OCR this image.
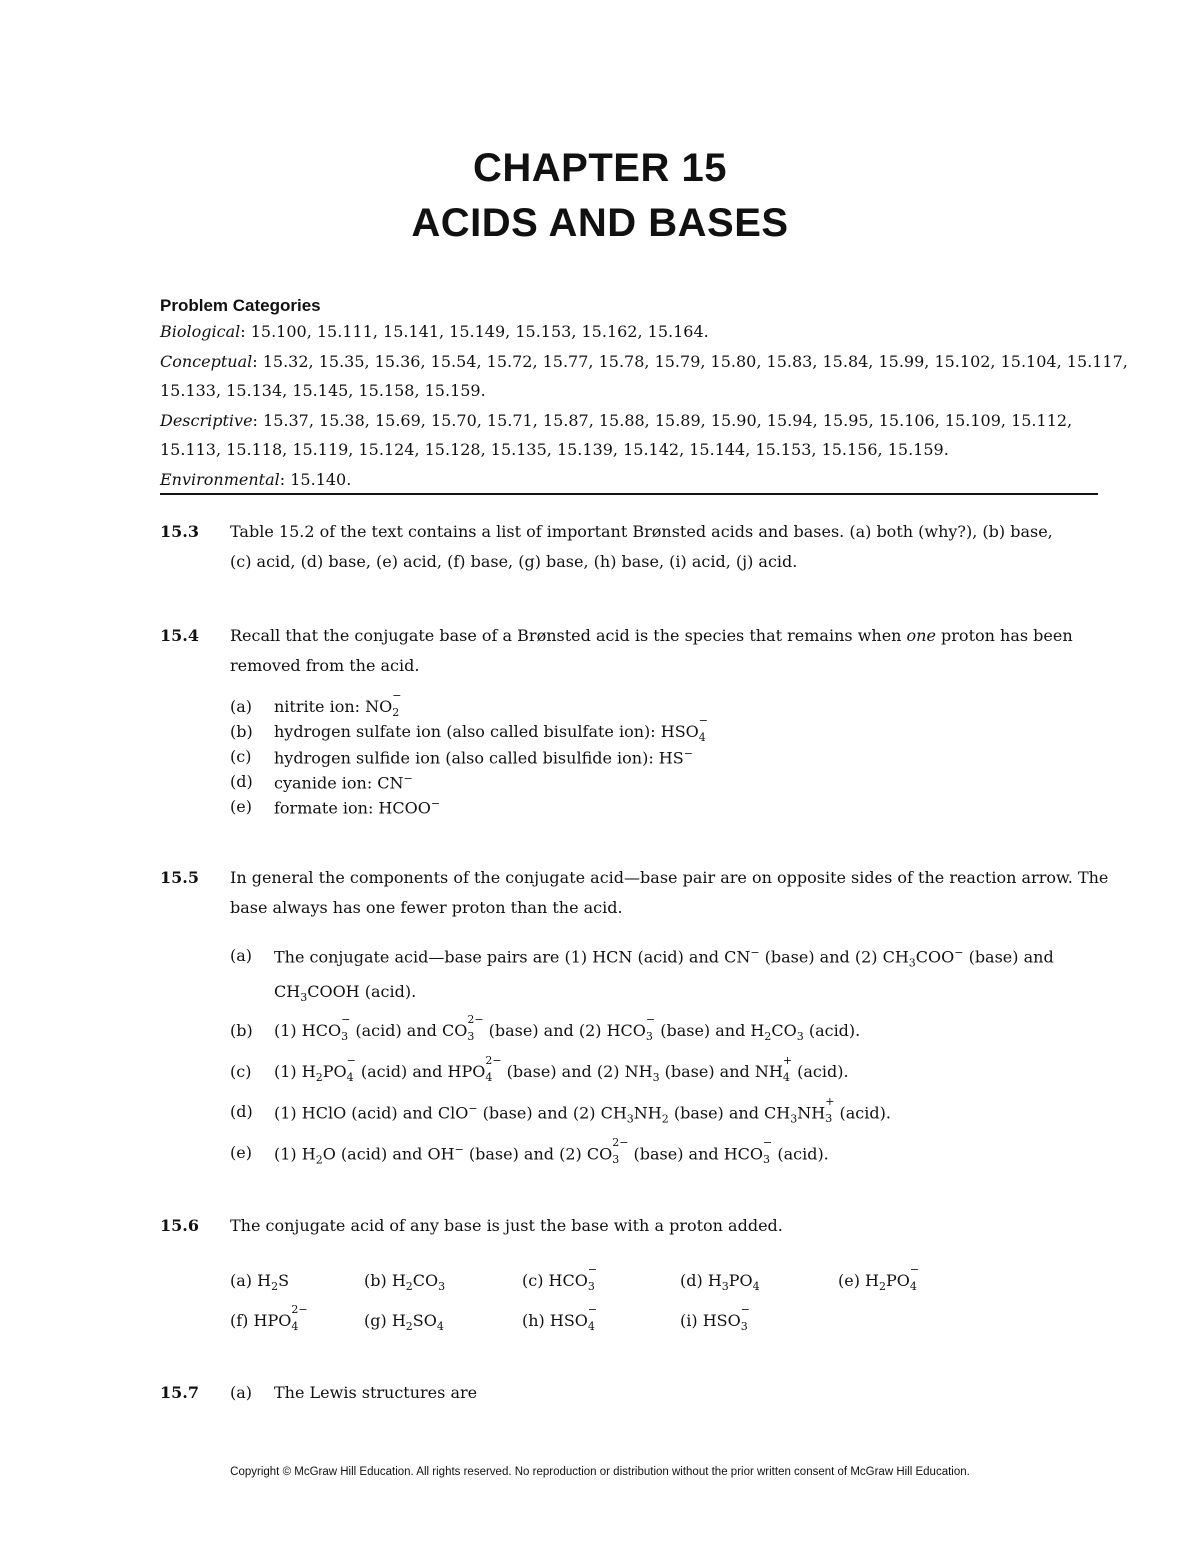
CHAPTER 15
ACIDS AND BASES
Problem Categories
Biological: 15.100, 15.111, 15.141, 15.149, 15.153, 15.162, 15.164.
Conceptual: 15.32, 15.35, 15.36, 15.54, 15.72, 15.77, 15.78, 15.79, 15.80, 15.83, 15.84, 15.99, 15.102, 15.104, 15.117,
15.133, 15.134, 15.145, 15.158, 15.159.
Descriptive: 15.37, 15.38, 15.69, 15.70, 15.71, 15.87, 15.88, 15.89, 15.90, 15.94, 15.95, 15.106, 15.109, 15.112,
15.113, 15.118, 15.119, 15.124, 15.128, 15.135, 15.139, 15.142, 15.144, 15.153, 15.156, 15.159.
Environmental: 15.140.
15.3 Table 15.2 of the text contains a list of important Brønsted acids and bases. (a) both (why?), (b) base,
(c) acid, (d) base, (e) acid, (f) base, (g) base, (h) base, (i) acid, (j) acid.
15.4 Recall that the conjugate base of a Brønsted acid is the species that remains when one proton has been
removed from the acid.
(a) nitrite ion: NO
−
2
(b) hydrogen sulfate ion (also called bisulfate ion): HSO
−
4
(c) hydrogen sulfide ion (also called bisulfide ion): HS−
(d) cyanide ion: CN−
(e) formate ion: HCOO−
15.5 In general the components of the conjugate acid—base pair are on opposite sides of the reaction arrow. The
base always has one fewer proton than the acid.
(a) The conjugate acid—base pairs are (1) HCN (acid) and CN− (base) and (2) $CH_3COO^-$ (base) and
$CH_3COOH$ (acid).
(b) (1) HCO
−
3 (acid) and CO
2−
3 (base) and (2) HCO
−
3 (base) and $H_2CO_3$ (acid).
(c) (1) $H_2PO$
−
4 (acid) and HPO
2−
4 (base) and (2) $NH_3$ (base) and NH
+
4 (acid).
(d) (1) HClO (acid) and ClO− (base) and (2) $CH_3NH_2$ (base) and $CH_3NH$
+
3 (acid).
(e) (1) $H_2O$ (acid) and OH− (base) and (2) CO
2−
3 (base) and HCO
−
3 (acid).
15.6 The conjugate acid of any base is just the base with a proton added.
(a) $H_2S$	(b) $H_2CO_3$	(c) HCO
−
3	(d) $H_3PO_4$	(e) $H_2PO$
−
4
(f) HPO
2−
4	(g) $H_2SO_4$	(h) HSO
−
4	(i) HSO
−
3
15.7 (a) The Lewis structures are
Copyright © McGraw Hill Education. All rights reserved. No reproduction or distribution without the prior written consent of McGraw Hill Education.
